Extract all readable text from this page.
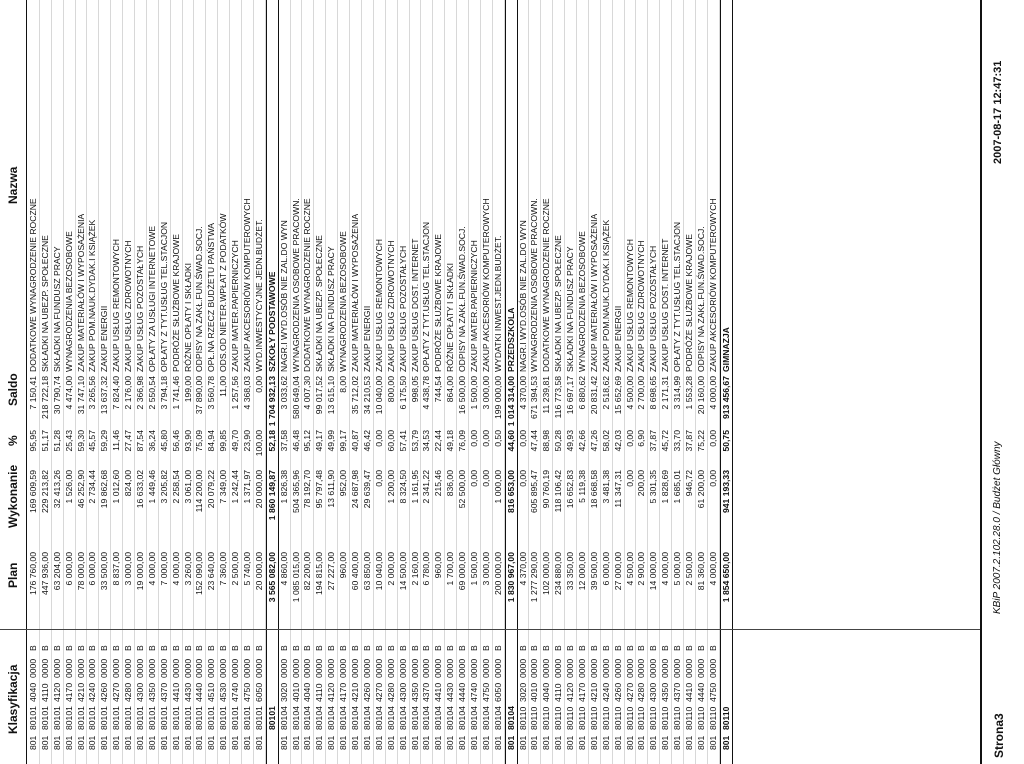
Klasyfikacja
Plan
Wykonanie
%
Saldo
Nazwa
801
80101
4040
0000
B
176 760,00
169 609,59
95,95
7 150,41
DODATKOWE WYNAGRODZENIE ROCZNE
801
80101
4110
0000
B
447 936,00
229 213,82
51,17
218 722,18
SKŁADKI NA UBEZP. SPOŁECZNE
801
80101
4120
0000
B
63 204,00
32 413,26
51,28
30 790,74
SKŁADKI NA FUNDUSZ PRACY
801
80101
4170
0000
B
6 000,00
1 526,00
25,43
4 474,00
WYNAGRODZENIA BEZOSOBOWE
801
80101
4210
0000
B
78 000,00
46 252,90
59,30
31 747,10
ZAKUP MATERIAŁÓW I WYPOSAŻENIA
801
80101
4240
0000
B
6 000,00
2 734,44
45,57
3 265,56
ZAKUP POM.NAUK.DYDAK.I KSIĄŻEK
801
80101
4260
0000
B
33 500,00
19 862,68
59,29
13 637,32
ZAKUP ENERGII
801
80101
4270
0000
B
8 837,00
1 012,60
11,46
7 824,40
ZAKUP USŁUG REMONTOWYCH
801
80101
4280
0000
B
3 000,00
824,00
27,47
2 176,00
ZAKUP USŁUG ZDROWOTNYCH
801
80101
4300
0000
B
19 000,00
16 633,02
87,54
2 366,98
ZAKUP USŁUG POZOSTAŁYCH
801
80101
4350
0000
B
4 000,00
1 449,46
36,24
2 550,54
OPŁATY ZA USŁUGI INTERNETOWE
801
80101
4370
0000
B
7 000,00
3 205,82
45,80
3 794,18
OPŁATY Z TYT.USŁUG TEL.STACJON
801
80101
4410
0000
B
4 000,00
2 258,54
56,46
1 741,46
PODRÓŻE SŁUŻBOWE KRAJOWE
801
80101
4430
0000
B
3 260,00
3 061,00
93,90
199,00
RÓŻNE OPŁATY I SKŁADKI
801
80101
4440
0000
B
152 090,00
114 200,00
75,09
37 890,00
ODPISY NA ZAKŁ.FUN.ŚWAD.SOCJ.
801
80101
4510
0000
B
23 640,00
20 079,22
84,94
3 560,78
OPŁ.NA RZECZ BUDŻETU PAŃSTWA
801
80101
4530
0000
B
7 360,00
7 349,00
99,85
11,00
ODS.OD NIETER.WPŁAT Z PODATKÓW
801
80101
4740
0000
B
2 500,00
1 242,44
49,70
1 257,56
ZAKUP MATER.PAPIERNICZYCH
801
80101
4750
0000
B
5 740,00
1 371,97
23,90
4 368,03
ZAKUP AKCESORIÓW KOMPUTEROWYCH
801
80101
6050
0000
B
20 000,00
20 000,00
100,00
0,00
WYD.INWESTYCYJNE JEDN.BUDŻET.
80101
3 565 082,00
1 860 149,87
52,18
1 704 932,13
SZKOŁY PODSTAWOWE
801
80104
3020
0000
B
4 860,00
1 826,38
37,58
3 033,62
NAGR.I WYD.OSÓB NIE ZAL.DO WYN
801
80104
4010
0000
B
1 085 015,00
504 365,96
46,48
580 649,04
WYNAGRODZENIA OSOBOWE PRACOWN.
801
80104
4040
0000
B
82 200,00
78 192,70
95,12
4 007,30
DODATKOWE WYNAGRODZENIE ROCZNE
801
80104
4110
0000
B
194 815,00
95 797,48
49,17
99 017,52
SKŁADKI NA UBEZP. SPOŁECZNE
801
80104
4120
0000
B
27 227,00
13 611,90
49,99
13 615,10
SKŁADKI NA FUNDUSZ PRACY
801
80104
4170
0000
B
960,00
952,00
99,17
8,00
WYNAGRODZENIA BEZOSOBOWE
801
80104
4210
0000
B
60 400,00
24 687,98
40,87
35 712,02
ZAKUP MATERIAŁÓW I WYPOSAŻENIA
801
80104
4260
0000
B
63 850,00
29 639,47
46,42
34 210,53
ZAKUP ENERGII
801
80104
4270
0000
B
10 040,00
0,00
0,00
10 040,00
ZAKUP USŁUG REMONTOWYCH
801
80104
4280
0000
B
2 000,00
1 200,00
60,00
800,00
ZAKUP USŁUG ZDROWOTNYCH
801
80104
4300
0000
B
14 500,00
8 324,50
57,41
6 175,50
ZAKUP USŁUG POZOSTAŁYCH
801
80104
4350
0000
B
2 160,00
1 161,95
53,79
998,05
ZAKUP USŁUG DOST. INTERNET
801
80104
4370
0000
B
6 780,00
2 341,22
34,53
4 438,78
OPŁATY Z TYT.USŁUG TEL.STACJON
801
80104
4410
0000
B
960,00
215,46
22,44
744,54
PODRÓŻE SŁUŻBOWE KRAJOWE
801
80104
4430
0000
B
1 700,00
836,00
49,18
864,00
RÓŻNE OPŁATY I SKŁADKI
801
80104
4440
0000
B
69 000,00
52 500,00
76,09
16 500,00
ODPISY NA ZAKŁ.FUN.ŚWAD.SOCJ.
801
80104
4740
0000
B
1 500,00
0,00
0,00
1 500,00
ZAKUP MATER.PAPIERNICZYCH
801
80104
4750
0000
B
3 000,00
0,00
0,00
3 000,00
ZAKUP AKCESORIÓW KOMPUTEROWYCH
801
80104
6050
0000
B
200 000,00
1 000,00
0,50
199 000,00
WYDATKI INWEST.JEDN.BUDŻET.
801
80104
1 830 967,00
816 653,00
44,60
1 014 314,00
PRZEDSZKOLA
801
80110
3020
0000
B
4 370,00
0,00
0,00
4 370,00
NAGR.I WYD.OSÓB NIE ZAL.DO WYN
801
80110
4010
0000
B
1 277 290,00
605 895,47
47,44
671 394,53
WYNAGRODZENIA OSOBOWE PRACOWN.
801
80110
4040
0000
B
102 000,00
90 760,19
88,98
11 239,81
DODATKOWE WYNAGRODZENIE ROCZNE
801
80110
4110
0000
B
234 880,00
118 106,42
50,28
116 773,58
SKŁADKI NA UBEZP. SPOŁECZNE
801
80110
4120
0000
B
33 350,00
16 652,83
49,93
16 697,17
SKŁADKI NA FUNDUSZ PRACY
801
80110
4170
0000
B
12 000,00
5 119,38
42,66
6 880,62
WYNAGRODZENIA BEZOSOBOWE
801
80110
4210
0000
B
39 500,00
18 668,58
47,26
20 831,42
ZAKUP MATERIAŁÓW I WYPOSAŻENIA
801
80110
4240
0000
B
6 000,00
3 481,38
58,02
2 518,62
ZAKUP POM.NAUK.DYDAK.I KSIĄŻEK
801
80110
4260
0000
B
27 000,00
11 347,31
42,03
15 652,69
ZAKUP ENERGII
801
80110
4270
0000
B
4 500,00
0,00
0,00
4 500,00
ZAKUP USŁUG REMONTOWYCH
801
80110
4280
0000
B
2 900,00
200,00
6,90
2 700,00
ZAKUP USŁUG ZDROWOTNYCH
801
80110
4300
0000
B
14 000,00
5 301,35
37,87
8 698,65
ZAKUP USŁUG POZOSTAŁYCH
801
80110
4350
0000
B
4 000,00
1 828,69
45,72
2 171,31
ZAKUP USŁUG DOST. INTERNET
801
80110
4370
0000
B
5 000,00
1 685,01
33,70
3 314,99
OPŁATY Z TYT.USŁUG TEL.STACJON
801
80110
4410
0000
B
2 500,00
946,72
37,87
1 553,28
PODRÓŻE SŁUŻBOWE KRAJOWE
801
80110
4440
0000
B
81 360,00
61 200,00
75,22
20 160,00
ODPISY NA ZAKŁ.FUN.ŚWAD.SOCJ.
801
80110
4750
0000
B
4 000,00
0,00
0,00
4 000,00
ZAKUP AKCESORIÓW KOMPUTEROWYCH
801
80110
1 854 650,00
941 193,33
50,75
913 456,67
GIMNAZJA
Strona3
KBiP 2007.2.102.28.0 / Budżet Główny
2007-08-17 12:47:31
